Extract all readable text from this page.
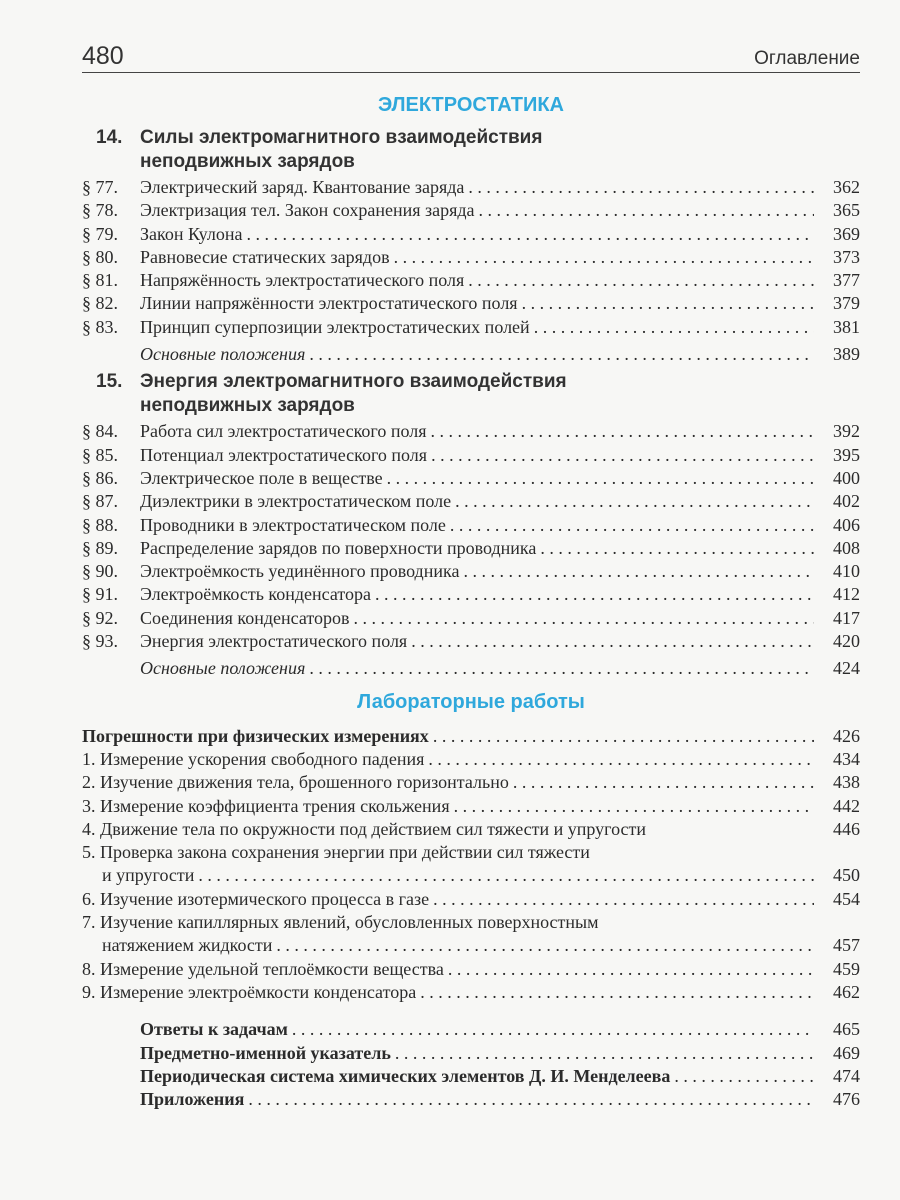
480	Оглавление
ЭЛЕКТРОСТАТИКА
14. Силы электромагнитного взаимодействия
неподвижных зарядов
§ 77.	Электрический заряд. Квантование заряда . . .	362
§ 78.	Электризация тел. Закон сохранения заряда . . .	365
§ 79.	Закон Кулона . . .	369
§ 80.	Равновесие статических зарядов . . .	373
§ 81.	Напряжённость электростатического поля . . .	377
§ 82.	Линии напряжённости электростатического поля . . .	379
§ 83.	Принцип суперпозиции электростатических полей . . .	381
Основные положения . . .	389
15. Энергия электромагнитного взаимодействия
неподвижных зарядов
§ 84.	Работа сил электростатического поля . . .	392
§ 85.	Потенциал электростатического поля . . .	395
§ 86.	Электрическое поле в веществе . . .	400
§ 87.	Диэлектрики в электростатическом поле . . .	402
§ 88.	Проводники в электростатическом поле . . .	406
§ 89.	Распределение зарядов по поверхности проводника . . .	408
§ 90.	Электроёмкость уединённого проводника . . .	410
§ 91.	Электроёмкость конденсатора . . .	412
§ 92.	Соединения конденсаторов . . .	417
§ 93.	Энергия электростатического поля . . .	420
Основные положения . . .	424
Лабораторные работы
Погрешности при физических измерениях . . .	426
1. Измерение ускорения свободного падения . . .	434
2. Изучение движения тела, брошенного горизонтально . . .	438
3. Измерение коэффициента трения скольжения . . .	442
4. Движение тела по окружности под действием сил тяжести и упругости	446
5. Проверка закона сохранения энергии при действии сил тяжести
и упругости . . .	450
6. Изучение изотермического процесса в газе . . .	454
7. Изучение капиллярных явлений, обусловленных поверхностным
натяжением жидкости . . .	457
8. Измерение удельной теплоёмкости вещества . . .	459
9. Измерение электроёмкости конденсатора . . .	462
Ответы к задачам . . .	465
Предметно-именной указатель . . .	469
Периодическая система химических элементов Д. И. Менделеева . . .	474
Приложения . . .	476
